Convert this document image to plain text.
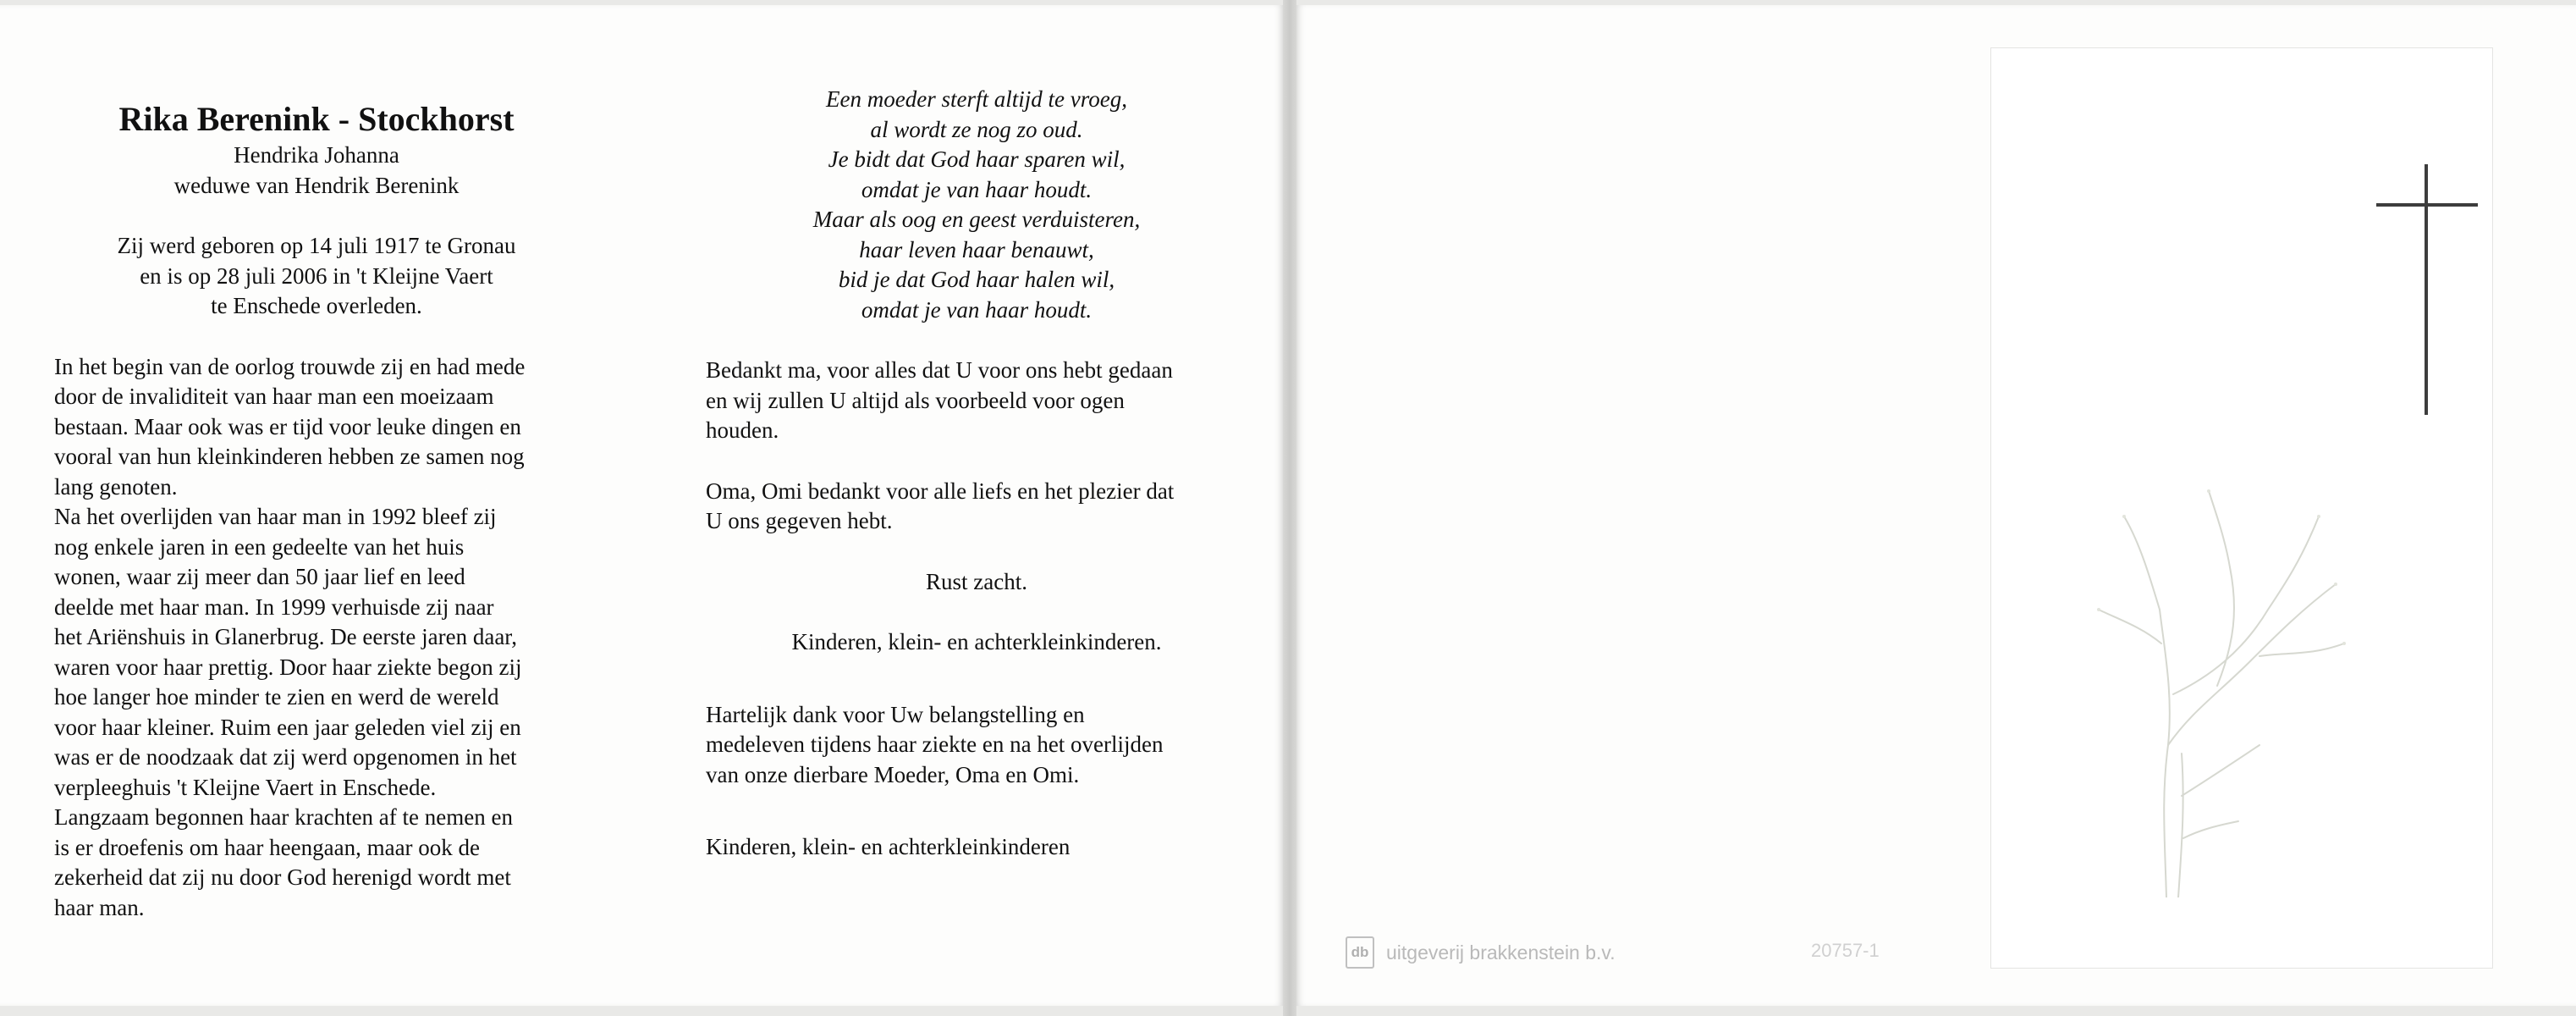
Rika Berenink - Stockhorst
Hendrika Johanna
weduwe van Hendrik Berenink

Zij werd geboren op 14 juli 1917 te Gronau
en is op 28 juli 2006 in 't Kleijne Vaert
te Enschede overleden.

In het begin van de oorlog trouwde zij en had mede
door de invaliditeit van haar man een moeizaam
bestaan. Maar ook was er tijd voor leuke dingen en
vooral van hun kleinkinderen hebben ze samen nog
lang genoten.
Na het overlijden van haar man in 1992 bleef zij
nog enkele jaren in een gedeelte van het huis
wonen, waar zij meer dan 50 jaar lief en leed
deelde met haar man. In 1999 verhuisde zij naar
het Ariënshuis in Glanerbrug. De eerste jaren daar,
waren voor haar prettig. Door haar ziekte begon zij
hoe langer hoe minder te zien en werd de wereld
voor haar kleiner. Ruim een jaar geleden viel zij en
was er de noodzaak dat zij werd opgenomen in het
verpleeghuis 't Kleijne Vaert in Enschede.
Langzaam begonnen haar krachten af te nemen en
is er droefenis om haar heengaan, maar ook de
zekerheid dat zij nu door God herenigd wordt met
haar man.

Een moeder sterft altijd te vroeg,
al wordt ze nog zo oud.
Je bidt dat God haar sparen wil,
omdat je van haar houdt.
Maar als oog en geest verduisteren,
haar leven haar benauwt,
bid je dat God haar halen wil,
omdat je van haar houdt.

Bedankt ma, voor alles dat U voor ons hebt gedaan
en wij zullen U altijd als voorbeeld voor ogen
houden.

Oma, Omi bedankt voor alle liefs en het plezier dat
U ons gegeven hebt.

Rust zacht.
Kinderen, klein- en achterkleinkinderen.

Hartelijk dank voor Uw belangstelling en
medeleven tijdens haar ziekte en na het overlijden
van onze dierbare Moeder, Oma en Omi.

Kinderen, klein- en achterkleinkinderen
db uitgeverij brakkenstein b.v.	20757-1
